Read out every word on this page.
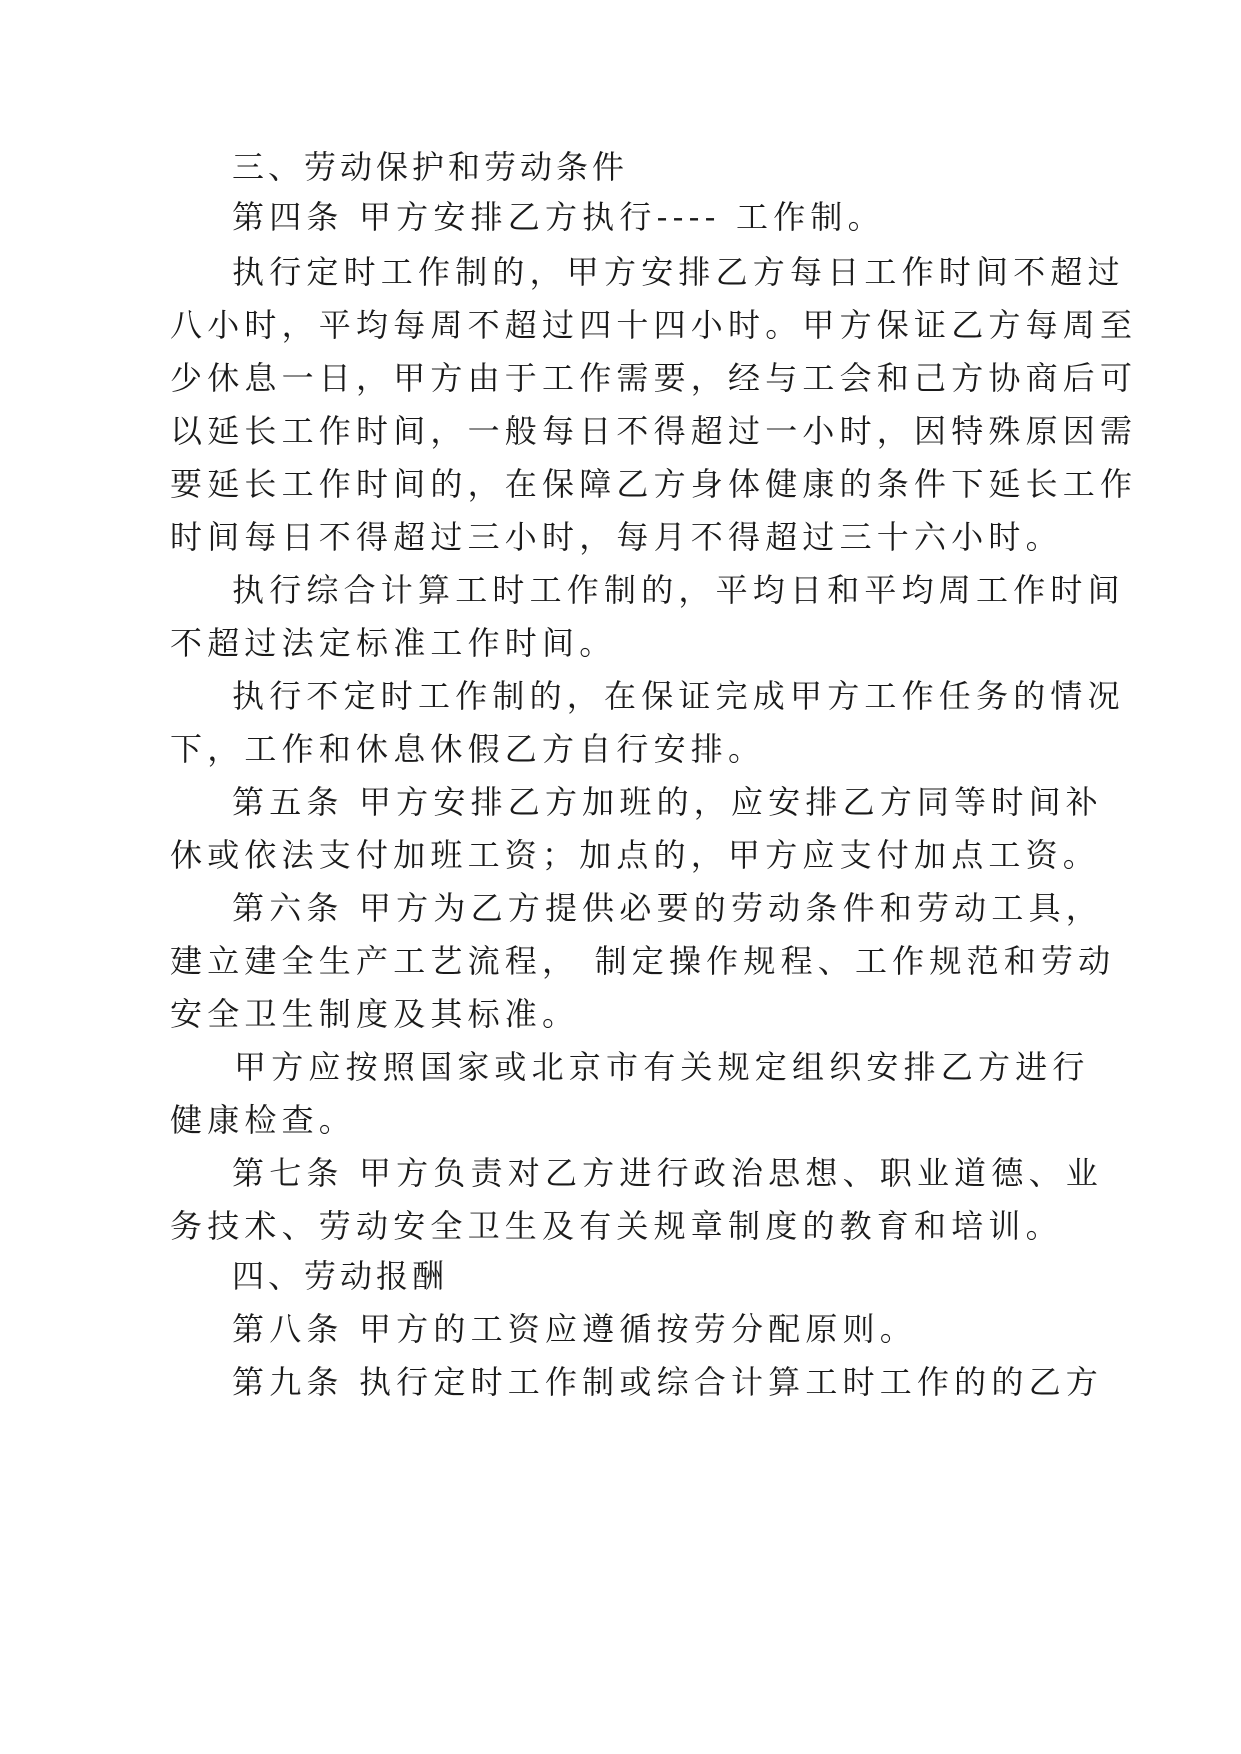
三、劳动保护和劳动条件
第四条 甲方安排乙方执行---- 工作制。
执行定时工作制的，甲方安排乙方每日工作时间不超过
八小时，平均每周不超过四十四小时。甲方保证乙方每周至
少休息一日，甲方由于工作需要，经与工会和己方协商后可
以延长工作时间，一般每日不得超过一小时，因特殊原因需
要延长工作时间的，在保障乙方身体健康的条件下延长工作
时间每日不得超过三小时，每月不得超过三十六小时。
执行综合计算工时工作制的，平均日和平均周工作时间
不超过法定标准工作时间。
执行不定时工作制的，在保证完成甲方工作任务的情况
下，工作和休息休假乙方自行安排。
第五条 甲方安排乙方加班的，应安排乙方同等时间补
休或依法支付加班工资；加点的，甲方应支付加点工资。
第六条 甲方为乙方提供必要的劳动条件和劳动工具，
建立建全生产工艺流程， 制定操作规程、工作规范和劳动
安全卫生制度及其标准。
甲方应按照国家或北京市有关规定组织安排乙方进行
健康检查。
第七条 甲方负责对乙方进行政治思想、职业道德、业
务技术、劳动安全卫生及有关规章制度的教育和培训。
四、劳动报酬
第八条 甲方的工资应遵循按劳分配原则。
第九条 执行定时工作制或综合计算工时工作的的乙方
